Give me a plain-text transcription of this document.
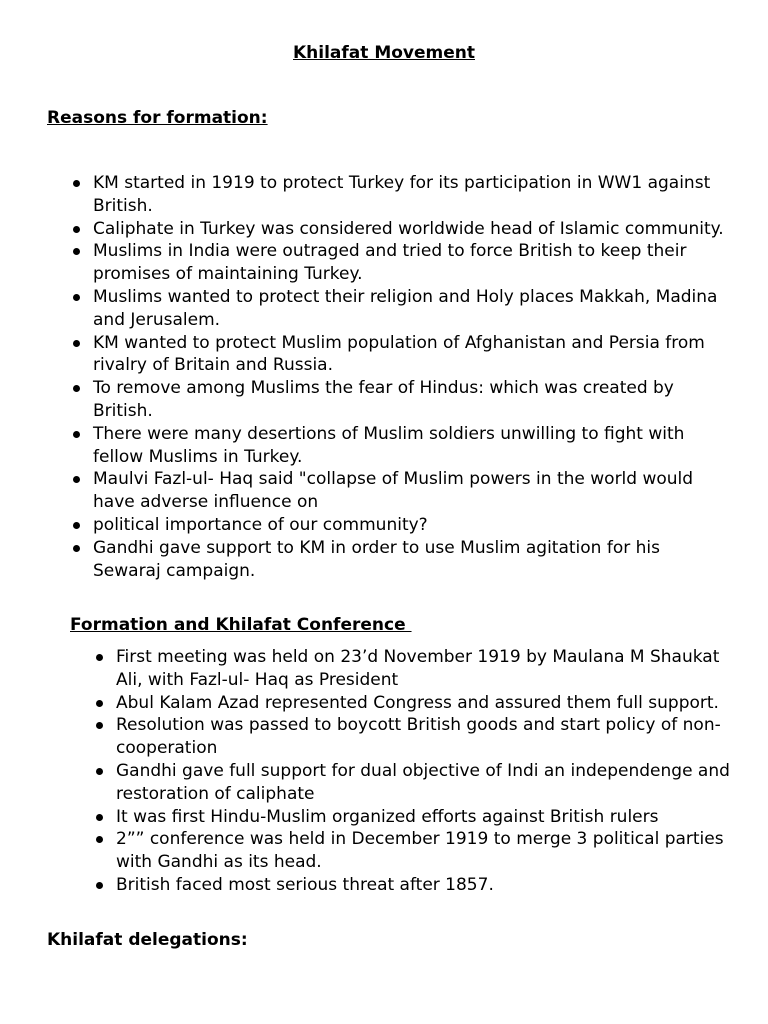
Khilafat Movement
Reasons for formation:
KM started in 1919 to protect Turkey for its participation in WW1 against British.
Caliphate in Turkey was considered worldwide head of Islamic community.
Muslims in India were outraged and tried to force British to keep their promises of maintaining Turkey.
Muslims wanted to protect their religion and Holy places Makkah, Madina and Jerusalem.
KM wanted to protect Muslim population of Afghanistan and Persia from rivalry of Britain and Russia.
To remove among Muslims the fear of Hindus: which was created by British.
There were many desertions of Muslim soldiers unwilling to fight with fellow Muslims in Turkey.
Maulvi Fazl-ul- Haq said "collapse of Muslim powers in the world would have adverse influence on
political importance of our community?
Gandhi gave support to KM in order to use Muslim agitation for his Sewaraj campaign.
Formation and Khilafat Conference
First meeting was held on 23’d November 1919 by Maulana M Shaukat Ali, with Fazl-ul- Haq as President
Abul Kalam Azad represented Congress and assured them full support.
Resolution was passed to boycott British goods and start policy of non-cooperation
Gandhi gave full support for dual objective of Indi an independenge and restoration of caliphate
It was first Hindu-Muslim organized efforts against British rulers
2”” conference was held in December 1919 to merge 3 political parties with Gandhi as its head.
British faced most serious threat after 1857.
Khilafat delegations:
